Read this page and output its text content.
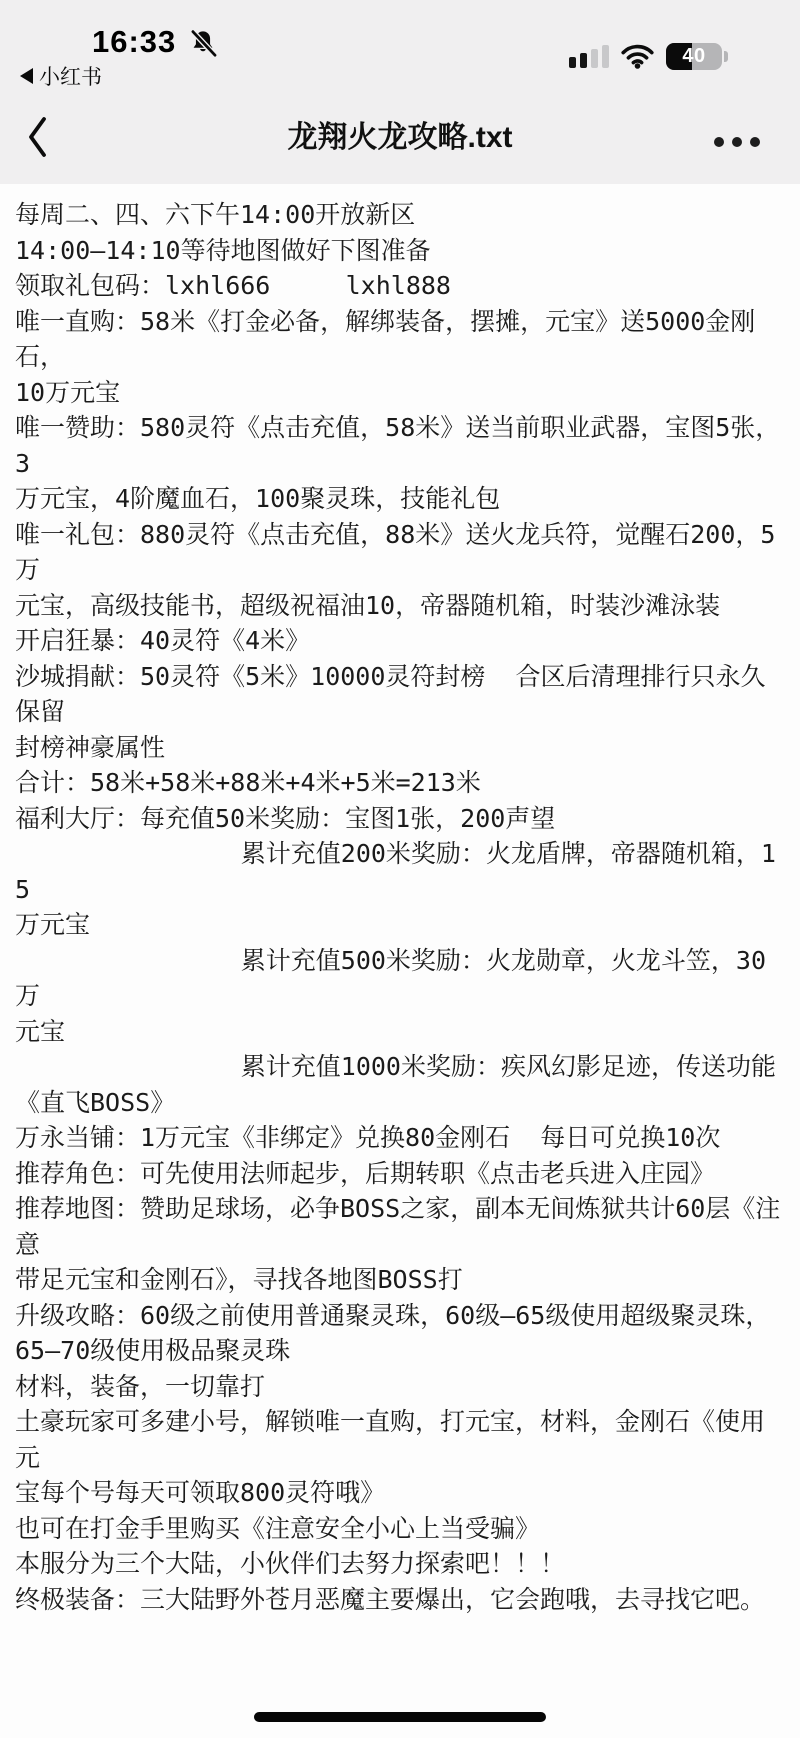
16:33
小红书
40
龙翔火龙攻略.txt
每周二、四、六下午14:00开放新区
14:00—14:10等待地图做好下图准备
领取礼包码：lxhl666     lxhl888
唯一直购：58米《打金必备，解绑装备，摆摊，元宝》送5000金刚石，
10万元宝
唯一赞助：580灵符《点击充值，58米》送当前职业武器，宝图5张，3
万元宝，4阶魔血石，100聚灵珠，技能礼包
唯一礼包：880灵符《点击充值，88米》送火龙兵符，觉醒石200，5万
元宝，高级技能书，超级祝福油10，帝器随机箱，时装沙滩泳装
开启狂暴：40灵符《4米》
沙城捐献：50灵符《5米》10000灵符封榜  合区后清理排行只永久保留
封榜神豪属性
合计：58米+58米+88米+4米+5米=213米
福利大厅：每充值50米奖励：宝图1张，200声望
累计充值200米奖励：火龙盾牌，帝器随机箱，15
万元宝
累计充值500米奖励：火龙勋章，火龙斗笠，30万
元宝
累计充值1000米奖励：疾风幻影足迹，传送功能
《直飞BOSS》
万永当铺：1万元宝《非绑定》兑换80金刚石  每日可兑换10次
推荐角色：可先使用法师起步，后期转职《点击老兵进入庄园》
推荐地图：赞助足球场，必争BOSS之家，副本无间炼狱共计60层《注意
带足元宝和金刚石》，寻找各地图BOSS打
升级攻略：60级之前使用普通聚灵珠，60级–65级使用超级聚灵珠，
65–70级使用极品聚灵珠
材料，装备，一切靠打
土豪玩家可多建小号，解锁唯一直购，打元宝，材料，金刚石《使用元
宝每个号每天可领取800灵符哦》
也可在打金手里购买《注意安全小心上当受骗》
本服分为三个大陆，小伙伴们去努力探索吧！！！
终极装备：三大陆野外苍月恶魔主要爆出，它会跑哦，去寻找它吧。
